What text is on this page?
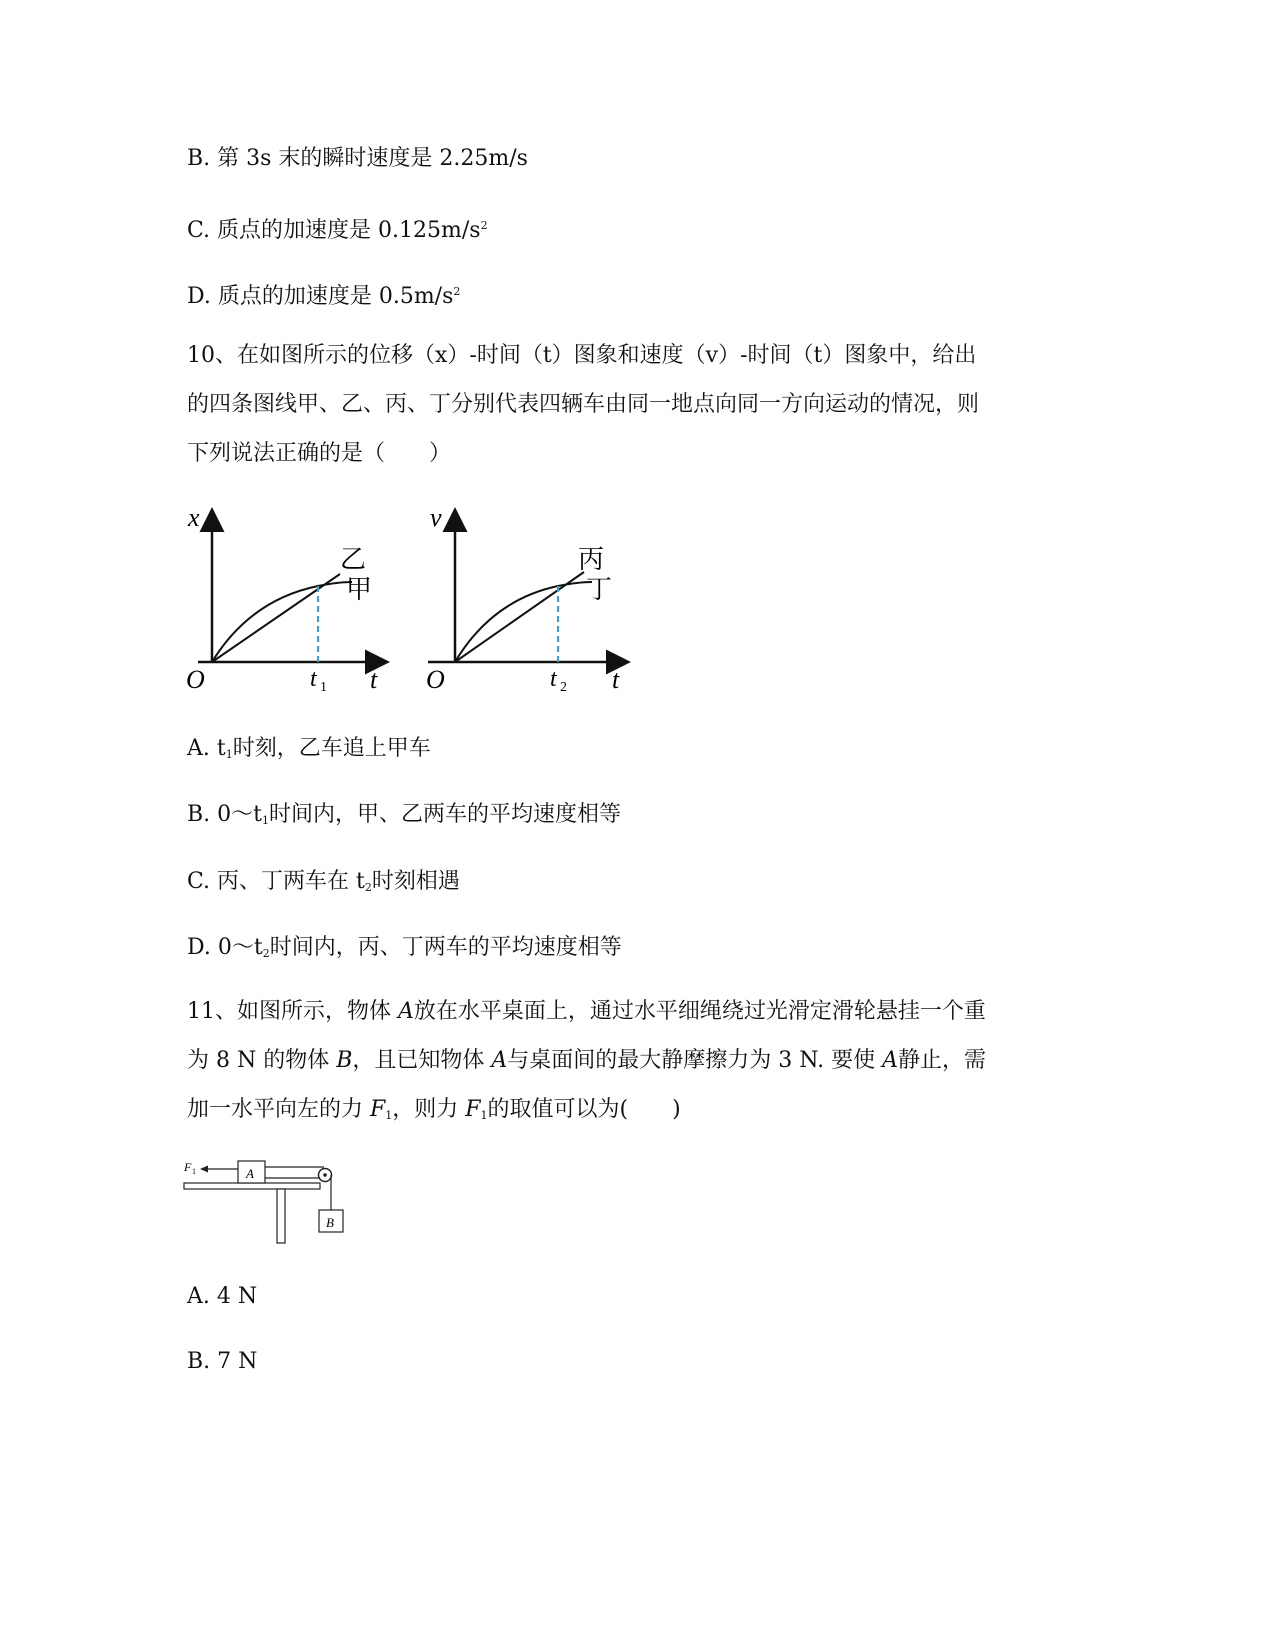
B. 第 3s 末的瞬时速度是 2.25m/s
C. 质点的加速度是 $0.125m/s^2$
D. 质点的加速度是 $0.5m/s^2$
10、在如图所示的位移（x）-时间（t）图象和速度（v）-时间（t）图象中，给出
的四条图线甲、乙、丙、丁分别代表四辆车由同一地点向同一方向运动的情况，则
下列说法正确的是（　　）
x
t
O	t 1
乙
甲
v
t
O	t 2
丙
丁
A. $t_1$时刻，乙车追上甲车
B. $0\sim t_1$时间内，甲、乙两车的平均速度相等
C. 丙、丁两车在 $t_2$时刻相遇
D. $0\sim t_2$时间内，丙、丁两车的平均速度相等
11、如图所示，物体 A放在水平桌面上，通过水平细绳绕过光滑定滑轮悬挂一个重
为 8 N 的物体 B，且已知物体 A与桌面间的最大静摩擦力为 3 N. 要使 A静止，需
加一水平向左的力 $F_1$，则力 $F_1$的取值可以为(　　)
A
B
F 1
A. 4 N
B. 7 N
